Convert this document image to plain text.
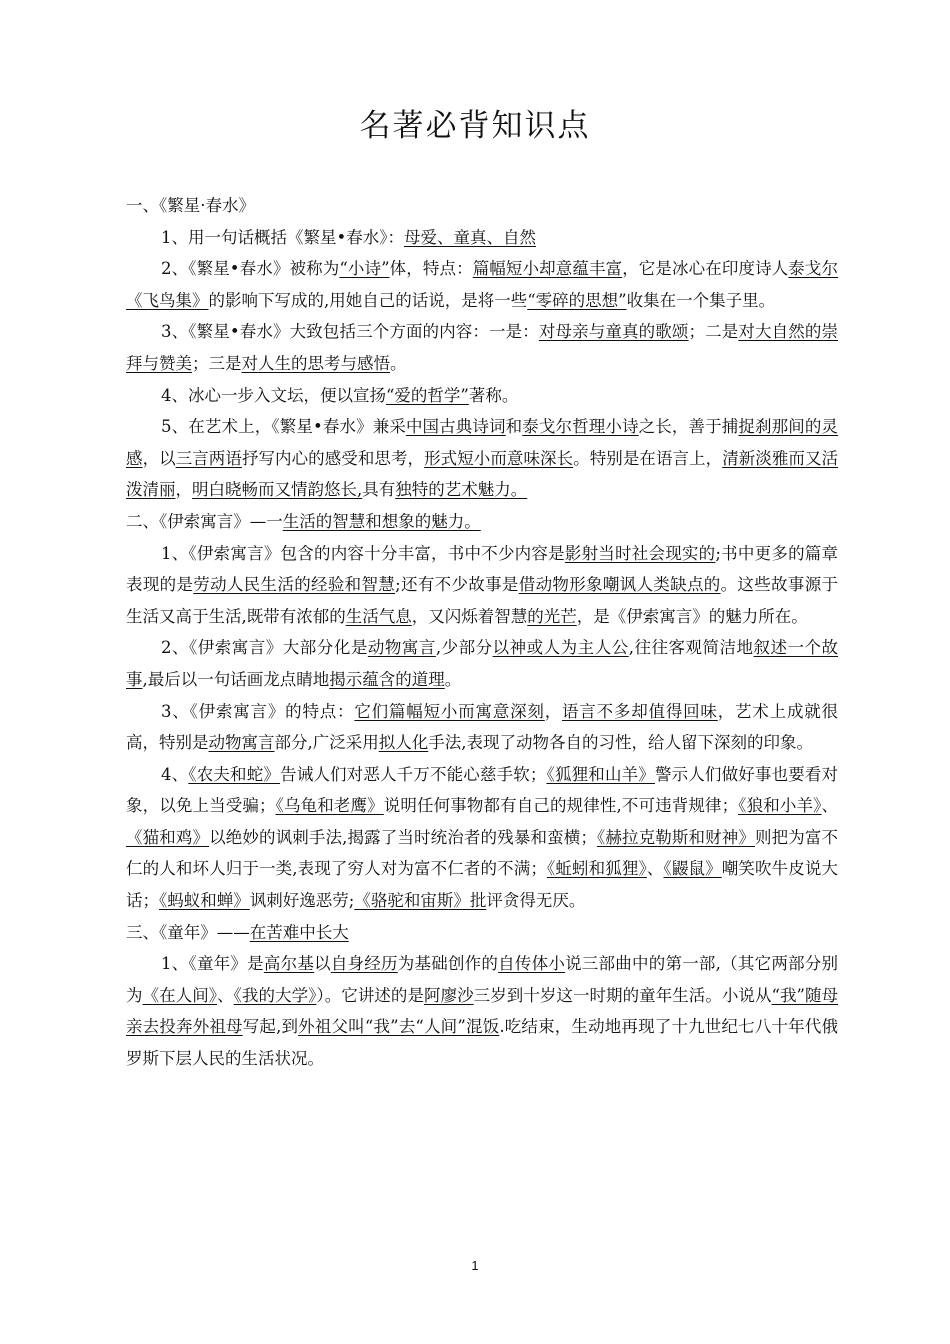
名著必背知识点

一、《繁星·春水》

1、用一句话概括《繁星•春水》：母爱、童真、自然

2、《繁星•春水》被称为“小诗”体，特点：篇幅短小却意蕴丰富，它是冰心在印度诗人泰戈尔《飞鸟集》的影响下写成的,用她自己的话说，是将一些“零碎的思想”收集在一个集子里。

3、《繁星•春水》大致包括三个方面的内容：一是：对母亲与童真的歌颂；二是对大自然的崇拜与赞美；三是对人生的思考与感悟。

4、冰心一步入文坛，便以宣扬“爱的哲学”著称。

5、在艺术上，《繁星•春水》兼采中国古典诗词和泰戈尔哲理小诗之长，善于捕捉刹那间的灵感，以三言两语抒写内心的感受和思考，形式短小而意味深长。特别是在语言上，清新淡雅而又活泼清丽，明白晓畅而又情韵悠长,具有独特的艺术魅力。

二、《伊索寓言》—一生活的智慧和想象的魅力。

1、《伊索寓言》包含的内容十分丰富，书中不少内容是影射当时社会现实的;书中更多的篇章表现的是劳动人民生活的经验和智慧;还有不少故事是借动物形象嘲讽人类缺点的。这些故事源于生活又高于生活,既带有浓郁的生活气息，又闪烁着智慧的光芒，是《伊索寓言》的魅力所在。

2、《伊索寓言》大部分化是动物寓言,少部分以神或人为主人公,往往客观简洁地叙述一个故事,最后以一句话画龙点睛地揭示蕴含的道理。

3、《伊索寓言》的特点：它们篇幅短小而寓意深刻，语言不多却值得回味，艺术上成就很高，特别是动物寓言部分,广泛采用拟人化手法,表现了动物各自的习性，给人留下深刻的印象。

4、《农夫和蛇》告诫人们对恶人千万不能心慈手软；《狐狸和山羊》警示人们做好事也要看对象，以免上当受骗；《乌龟和老鹰》说明任何事物都有自己的规律性,不可违背规律；《狼和小羊》、《猫和鸡》以绝妙的讽刺手法,揭露了当时统治者的残暴和蛮横；《赫拉克勒斯和财神》则把为富不仁的人和坏人归于一类,表现了穷人对为富不仁者的不满；《蚯蚓和狐狸》、《鼹鼠》嘲笑吹牛皮说大话；《蚂蚁和蝉》讽刺好逸恶劳;《骆驼和宙斯》批评贪得无厌。

三、《童年》——在苦难中长大

1、《童年》是高尔基以自身经历为基础创作的自传体小说三部曲中的第一部,（其它两部分别为《在人间》、《我的大学》）。它讲述的是阿廖沙三岁到十岁这一时期的童年生活。小说从“我”随母亲去投奔外祖母写起,到外祖父叫“我”去“人间”混饭.吃结束，生动地再现了十九世纪七八十年代俄罗斯下层人民的生活状况。

1
